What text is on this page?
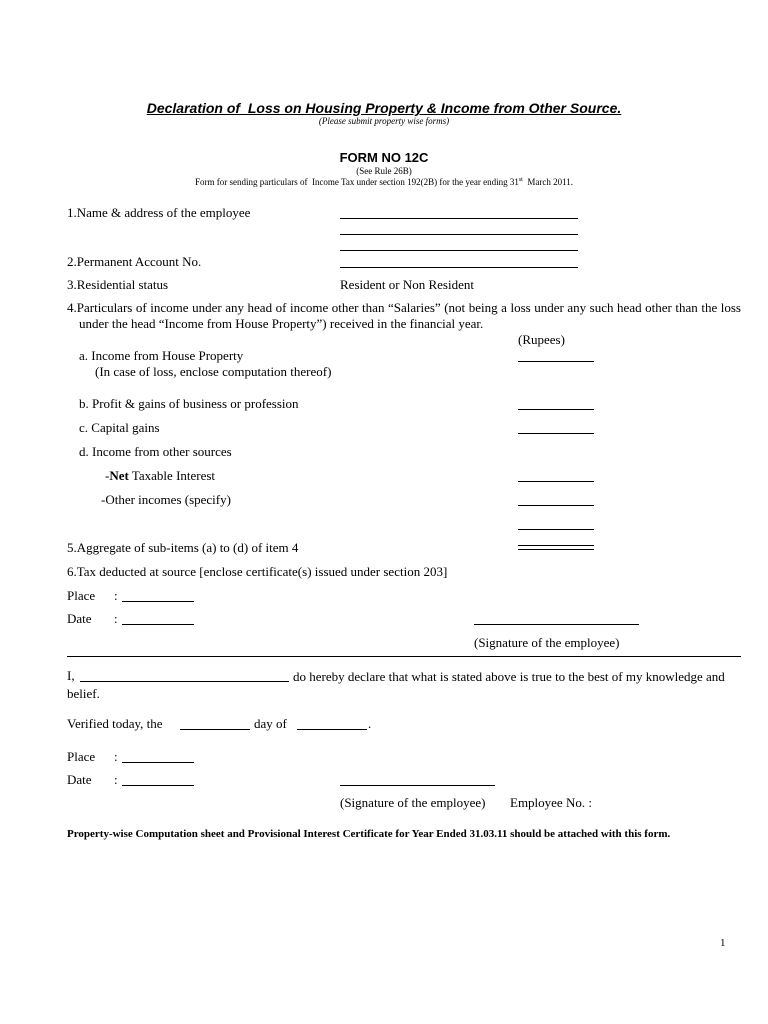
Declaration of  Loss on Housing Property & Income from Other Source.
(Please submit property wise forms)
FORM NO 12C
(See Rule 26B)
Form for sending particulars of  Income Tax under section 192(2B) for the year ending 31st  March 2011.
1.Name & address of the employee
2.Permanent Account No.
3.Residential status	Resident or Non Resident
4.Particulars of income under any head of income other than “Salaries” (not being a loss under any such head other than the loss under the head “Income from House Property”) received in the financial year.
(Rupees)
a. Income from House Property
(In case of loss, enclose computation thereof)
b. Profit & gains of business or profession
c. Capital gains
d. Income from other sources
-Net Taxable Interest
-Other incomes (specify)
5.Aggregate of sub-items (a) to (d) of item 4
6.Tax deducted at source [enclose certificate(s) issued under section 203]
Place :
Date :
(Signature of the employee)
I,	do hereby declare that what is stated above is true to the best of my knowledge and belief.
Verified today, the	day of	.
Place :
Date :
(Signature of the employee) Employee No. :
Property-wise Computation sheet and Provisional Interest Certificate for Year Ended 31.03.11 should be attached with this form.
1
